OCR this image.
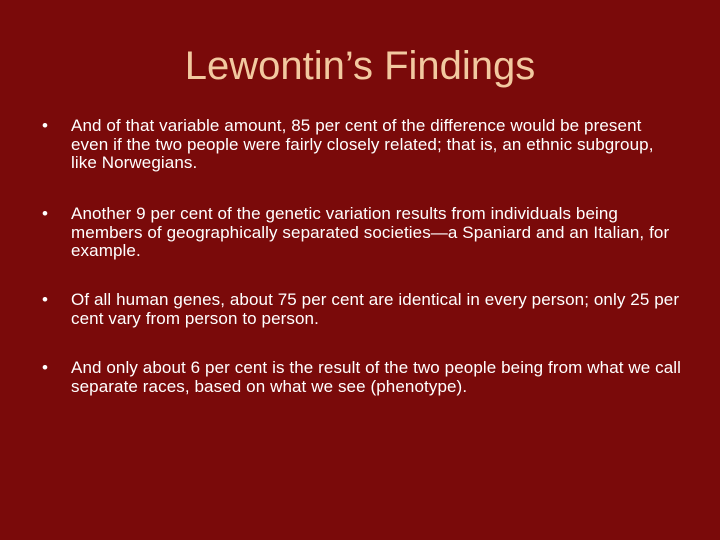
Lewontin’s Findings
•	And of that variable amount, 85 per cent of the difference would be present even if the two people were fairly closely related; that is, an ethnic subgroup, like Norwegians.
•	Another 9 per cent of the genetic variation results from individuals being members of geographically separated societies—a Spaniard and an Italian, for example.
•	Of all human genes, about 75 per cent are identical in every person; only 25 per cent vary from person to person.
•	And only about 6 per cent is the result of the two people being from what we call separate races, based on what we see (phenotype).
